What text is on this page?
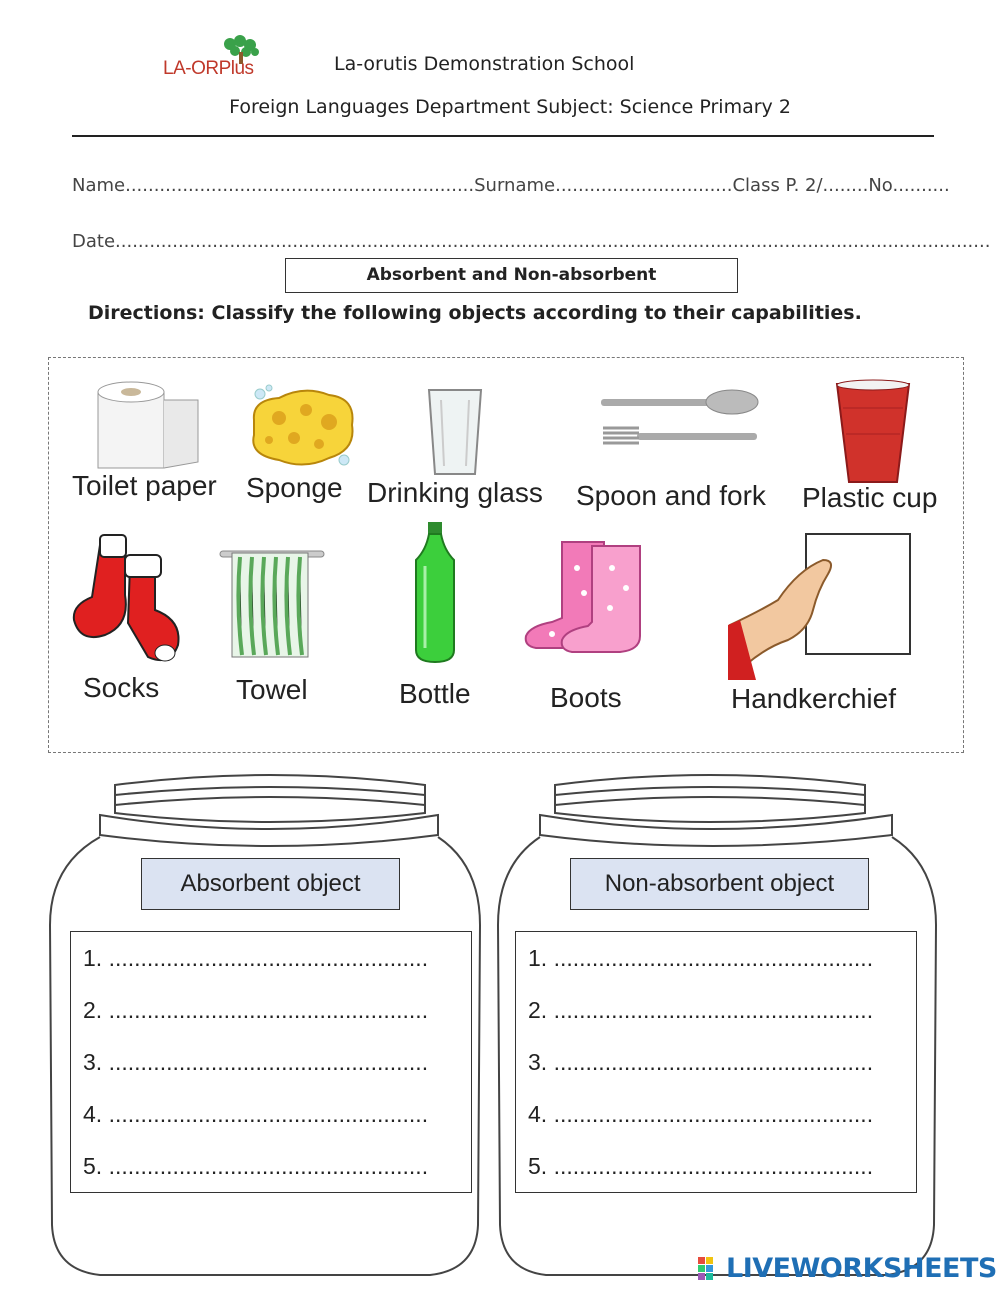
LA-ORPlus	La-orutis Demonstration School
Foreign Languages Department Subject: Science Primary 2
Name.............................................................Surname...............................Class P. 2/........No..........
Date.........................................................................................................................................................
Absorbent and Non-absorbent
Directions: Classify the following objects according to their capabilities.
Toilet paper Sponge Drinking glass Spoon and fork Plastic cup
Socks	Towel	Bottle	Boots	Handkerchief
Absorbent object
1. ..................................................
2. ..................................................
3. ..................................................
4. ..................................................
5. ..................................................
Non-absorbent object
1. ..................................................
2. ..................................................
3. ..................................................
4. ..................................................
5. ..................................................
LIVEWORKSHEETS
